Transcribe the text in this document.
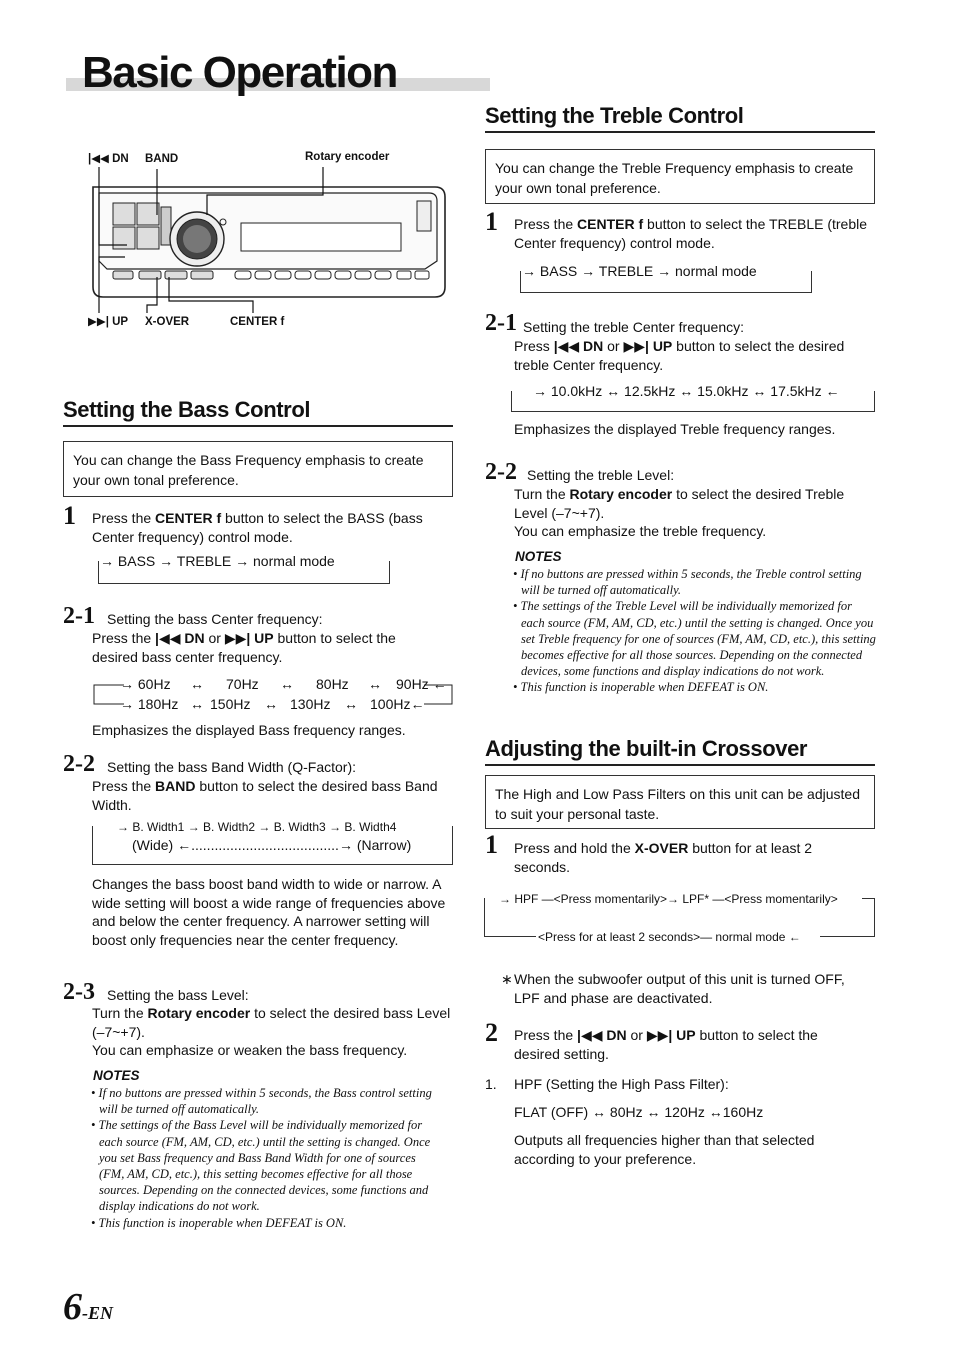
Basic Operation
|◀◀ DN BAND	Rotary encoder
▶▶| UP X-OVER	CENTER f
Setting the Bass Control
You can change the Bass Frequency emphasis to create your own tonal preference.
1 Press the CENTER f button to select the BASS (bass Center frequency) control mode.
→ BASS → TREBLE → normal mode
2-1 Setting the bass Center frequency:
Press the |◀◀ DN or ▶▶| UP button to select the desired bass center frequency.
→ 60Hz ↔ 70Hz ↔ 80Hz ↔ 90Hz ←
→ 180Hz ↔ 150Hz ↔ 130Hz ↔ 100Hz←
Emphasizes the displayed Bass frequency ranges.
2-2 Setting the bass Band Width (Q-Factor):
Press the BAND button to select the desired bass Band Width.
→ B. Width1 → B. Width2 → B. Width3 → B. Width4
(Wide) ←......................................→ (Narrow)
Changes the bass boost band width to wide or narrow. A wide setting will boost a wide range of frequencies above and below the center frequency. A narrower setting will boost only frequencies near the center frequency.
2-3 Setting the bass Level:
Turn the Rotary encoder to select the desired bass Level (–7~+7).
You can emphasize or weaken the bass frequency.
NOTES
• If no buttons are pressed within 5 seconds, the Bass control setting will be turned off automatically.
• The settings of the Bass Level will be individually memorized for each source (FM, AM, CD, etc.) until the setting is changed. Once you set Bass frequency and Bass Band Width for one of sources (FM, AM, CD, etc.), this setting becomes effective for all those sources. Depending on the connected devices, some functions and display indications do not work.
• This function is inoperable when DEFEAT is ON.
Setting the Treble Control
You can change the Treble Frequency emphasis to create your own tonal preference.
1 Press the CENTER f button to select the TREBLE (treble Center frequency) control mode.
→ BASS → TREBLE → normal mode
2-1 Setting the treble Center frequency:
Press |◀◀ DN or ▶▶| UP button to select the desired treble Center frequency.
→ 10.0kHz ↔ 12.5kHz ↔ 15.0kHz ↔ 17.5kHz ←
Emphasizes the displayed Treble frequency ranges.
2-2 Setting the treble Level:
Turn the Rotary encoder to select the desired Treble Level (–7~+7).
You can emphasize the treble frequency.
NOTES
• If no buttons are pressed within 5 seconds, the Treble control setting will be turned off automatically.
• The settings of the Treble Level will be individually memorized for each source (FM, AM, CD, etc.) until the setting is changed. Once you set Treble frequency for one of sources (FM, AM, CD, etc.), this setting becomes effective for all those sources. Depending on the connected devices, some functions and display indications do not work.
• This function is inoperable when DEFEAT is ON.
Adjusting the built-in Crossover
The High and Low Pass Filters on this unit can be adjusted to suit your personal taste.
1 Press and hold the X-OVER button for at least 2 seconds.
→ HPF —<Press momentarily>→ LPF* —<Press momentarily>
<Press for at least 2 seconds>— normal mode ←
∗ When the subwoofer output of this unit is turned OFF, LPF and phase are deactivated.
2 Press the |◀◀ DN or ▶▶| UP button to select the desired setting.
1. HPF (Setting the High Pass Filter):
FLAT (OFF) ↔ 80Hz ↔ 120Hz ↔160Hz
Outputs all frequencies higher than that selected according to your preference.
6-EN
